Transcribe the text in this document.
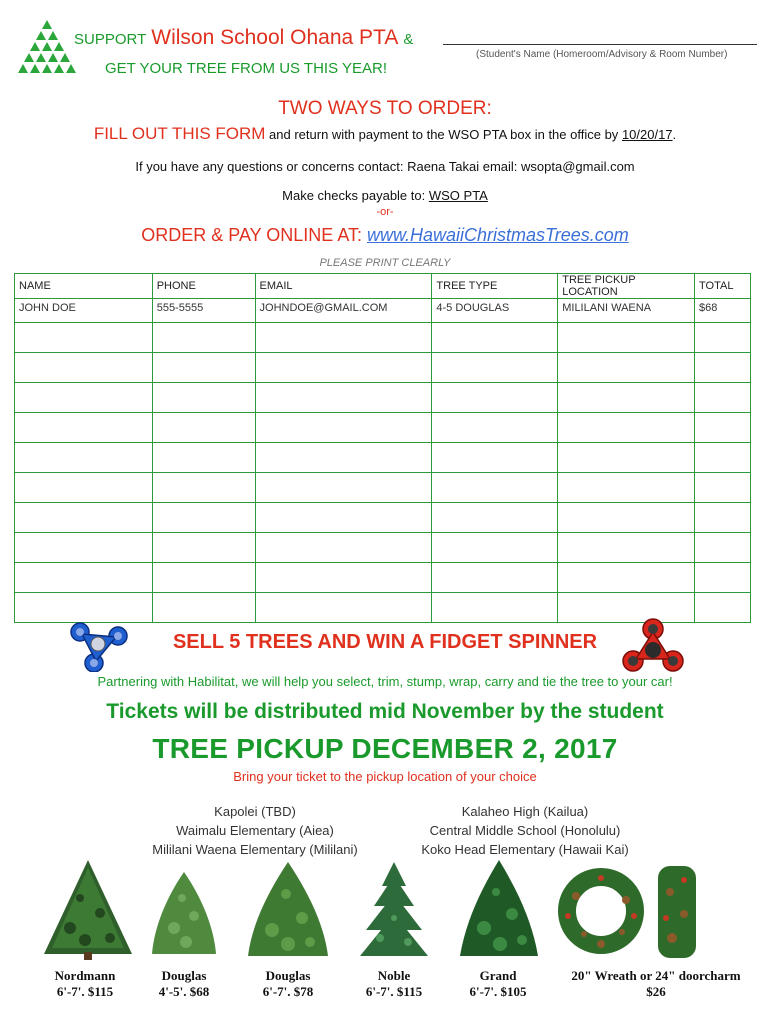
SUPPORT Wilson School Ohana PTA &
GET YOUR TREE FROM US THIS YEAR!
(Student's Name (Homeroom/Advisory & Room Number)
TWO WAYS TO ORDER:
FILL OUT THIS FORM and return with payment to the WSO PTA box in the office by 10/20/17.
If you have any questions or concerns contact: Raena Takai email: wsopta@gmail.com
Make checks payable to: WSO PTA
-or-
ORDER & PAY ONLINE AT: www.HawaiiChristmasTrees.com
PLEASE PRINT CLEARLY
NAME	PHONE	EMAIL	TREE TYPE	TREE PICKUP LOCATION	TOTAL
JOHN DOE	555-5555	JOHNDOE@GMAIL.COM	4-5 DOUGLAS	MILILANI WAENA	$68

SELL 5 TREES AND WIN A FIDGET SPINNER
Partnering with Habilitat, we will help you select, trim, stump, wrap, carry and tie the tree to your car!
Tickets will be distributed mid November by the student
TREE PICKUP DECEMBER 2, 2017
Bring your ticket to the pickup location of your choice
Kapolei (TBD)
Waimalu Elementary (Aiea)
Mililani Waena Elementary (Mililani)
Kalaheo High (Kailua)
Central Middle School (Honolulu)
Koko Head Elementary (Hawaii Kai)
Nordmann
6'-7'. $115
Douglas
4'-5'. $68
Douglas
6'-7'. $78
Noble
6'-7'. $115
Grand
6'-7'. $105
20" Wreath or 24" doorcharm
$26
